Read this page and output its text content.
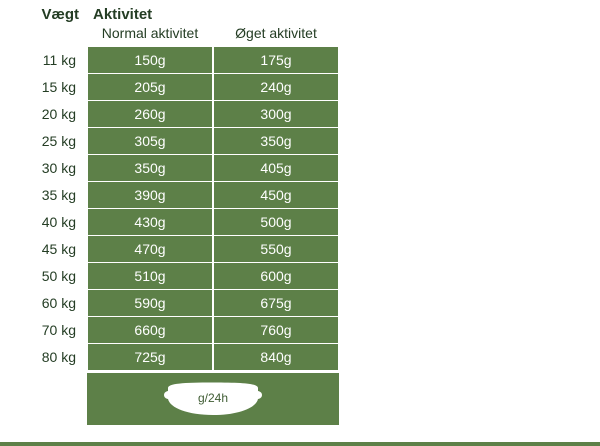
Vægt	Aktivitet	
	Normal aktivitet	Øget aktivitet
11 kg	150g	175g
15 kg	205g	240g
20 kg	260g	300g
25 kg	305g	350g
30 kg	350g	405g
35 kg	390g	450g
40 kg	430g	500g
45 kg	470g	550g
50 kg	510g	600g
60 kg	590g	675g
70 kg	660g	760g
80 kg	725g	840g

	g/24h	
